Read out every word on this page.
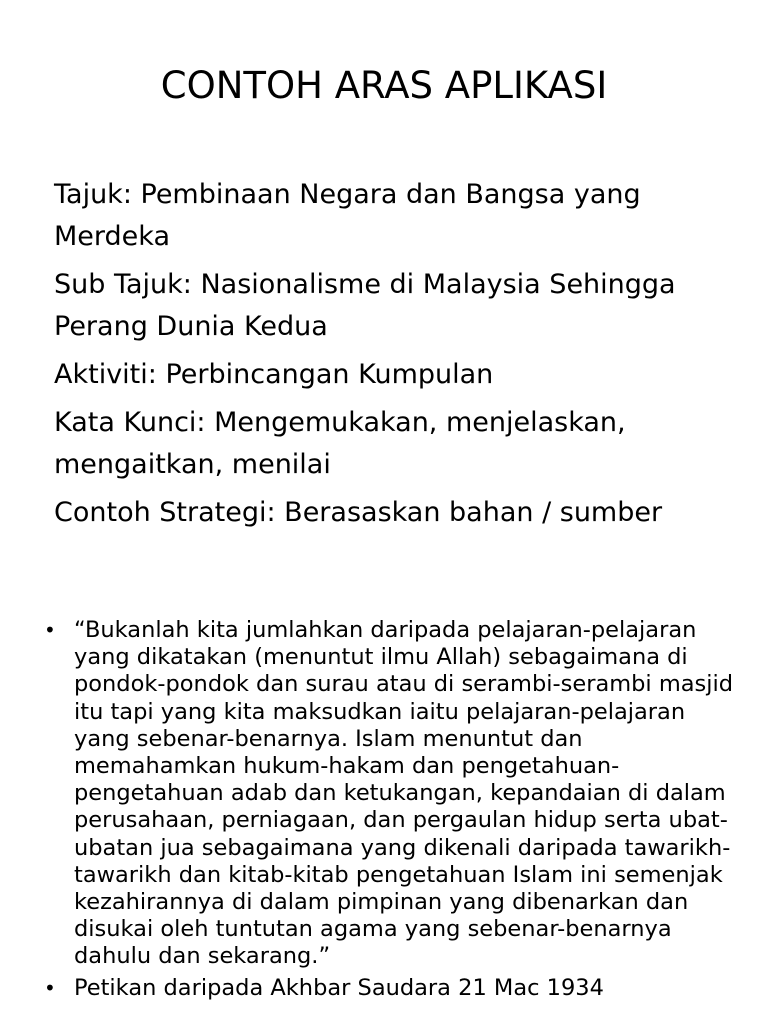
CONTOH ARAS APLIKASI
Tajuk: Pembinaan Negara dan Bangsa yang Merdeka
Sub Tajuk: Nasionalisme di Malaysia Sehingga Perang Dunia Kedua
Aktiviti: Perbincangan Kumpulan
Kata Kunci: Mengemukakan, menjelaskan, mengaitkan, menilai
Contoh Strategi: Berasaskan bahan / sumber
• “Bukanlah kita jumlahkan daripada pelajaran-pelajaran yang dikatakan (menuntut ilmu Allah) sebagaimana di pondok-pondok dan surau atau di serambi-serambi masjid itu tapi yang kita maksudkan iaitu pelajaran-pelajaran yang sebenar-benarnya. Islam menuntut dan memahamkan hukum-hakam dan pengetahuan-pengetahuan adab dan ketukangan, kepandaian di dalam perusahaan, perniagaan, dan pergaulan hidup serta ubat-ubatan jua sebagaimana yang dikenali daripada tawarikh-tawarikh dan kitab-kitab pengetahuan Islam ini semenjak kezahirannya di dalam pimpinan yang dibenarkan dan disukai oleh tuntutan agama yang sebenar-benarnya dahulu dan sekarang.”
• Petikan daripada Akhbar Saudara 21 Mac 1934
